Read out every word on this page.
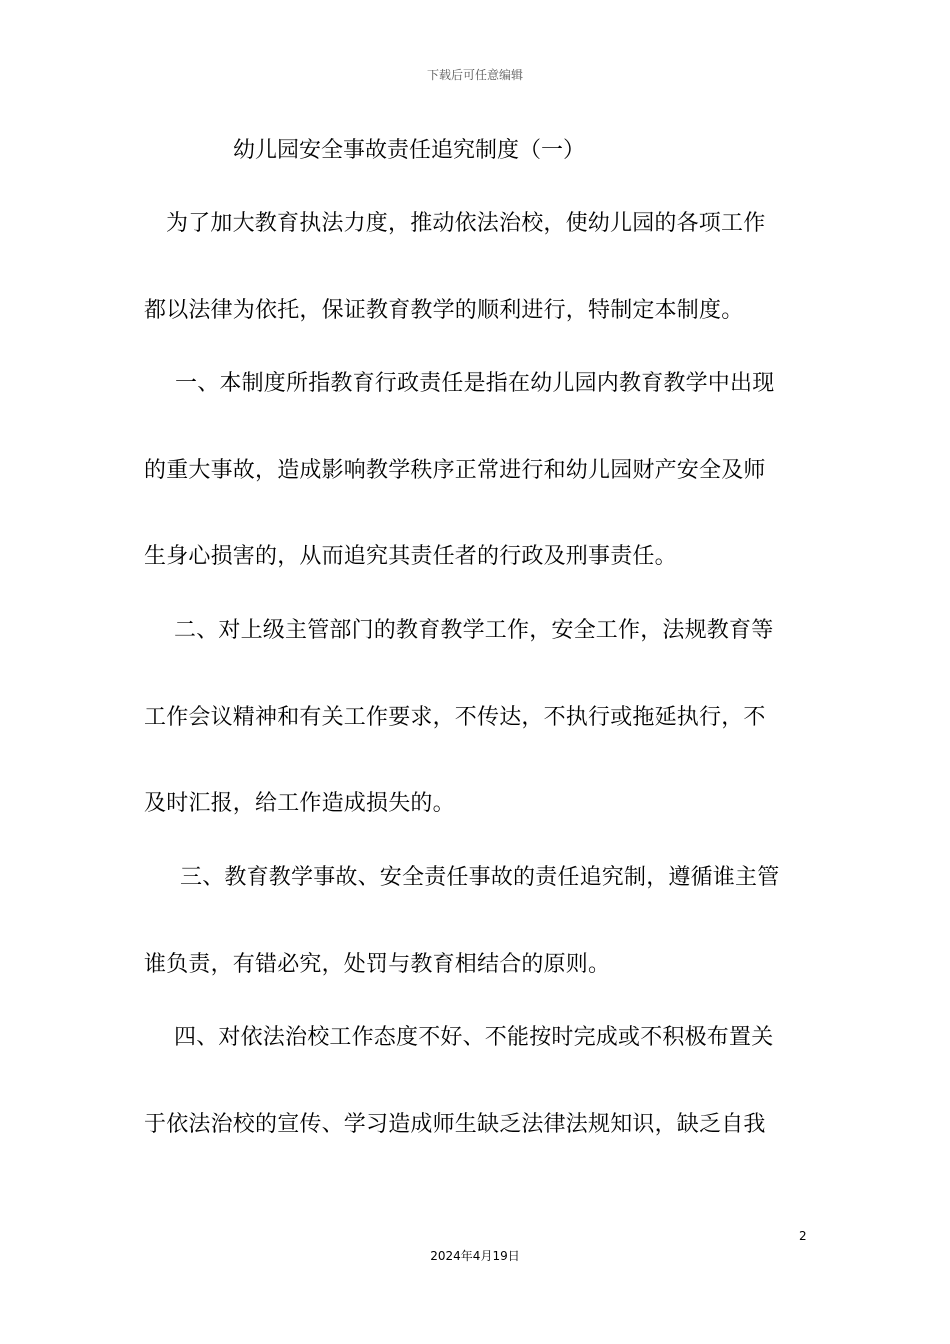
下载后可任意编辑
幼儿园安全事故责任追究制度（一）
为了加大教育执法力度，推动依法治校，使幼儿园的各项工作
都以法律为依托，保证教育教学的顺利进行，特制定本制度。
一、本制度所指教育行政责任是指在幼儿园内教育教学中出现
的重大事故，造成影响教学秩序正常进行和幼儿园财产安全及师
生身心损害的，从而追究其责任者的行政及刑事责任。
二、对上级主管部门的教育教学工作，安全工作，法规教育等
工作会议精神和有关工作要求，不传达，不执行或拖延执行，不
及时汇报，给工作造成损失的。
三、教育教学事故、安全责任事故的责任追究制，遵循谁主管
谁负责，有错必究，处罚与教育相结合的原则。
四、对依法治校工作态度不好、不能按时完成或不积极布置关
于依法治校的宣传、学习造成师生缺乏法律法规知识，缺乏自我
2
2024年4月19日
